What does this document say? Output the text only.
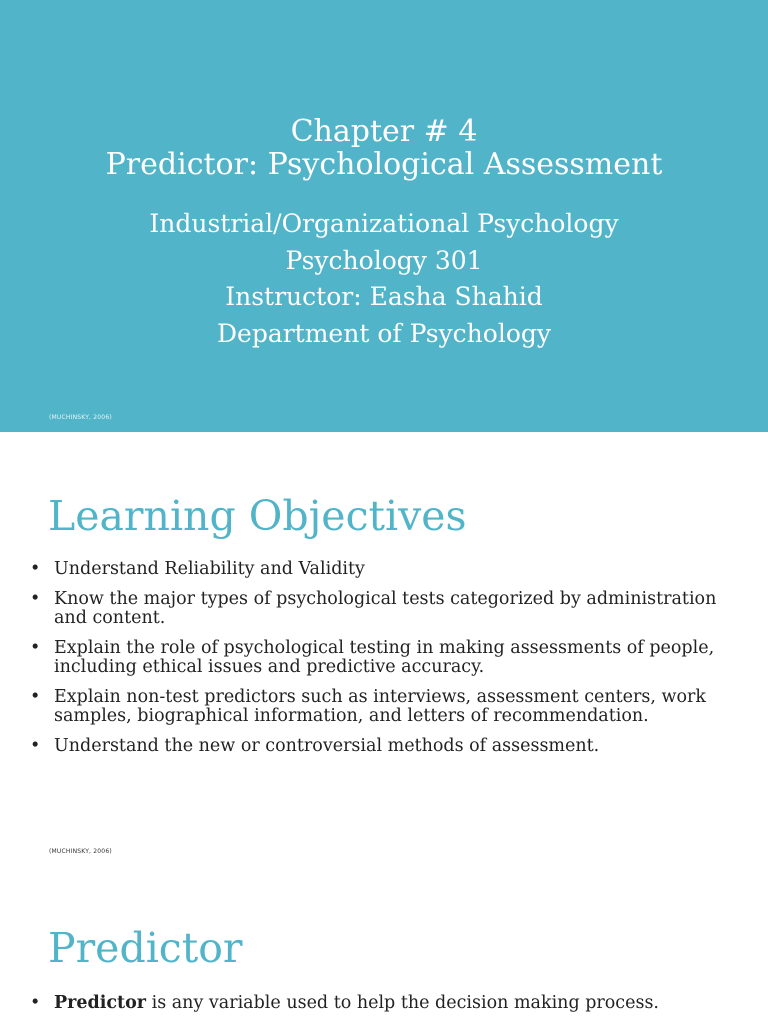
Chapter # 4
Predictor: Psychological Assessment
Industrial/Organizational Psychology
Psychology 301
Instructor: Easha Shahid
Department of Psychology
(MUCHINSKY, 2006)
Learning Objectives
• Understand Reliability and Validity
• Know the major types of psychological tests categorized by administration and content.
• Explain the role of psychological testing in making assessments of people, including ethical issues and predictive accuracy.
• Explain non-test predictors such as interviews, assessment centers, work samples, biographical information, and letters of recommendation.
• Understand the new or controversial methods of assessment.
(MUCHINSKY, 2006)
Predictor
• Predictor is any variable used to help the decision making process.
